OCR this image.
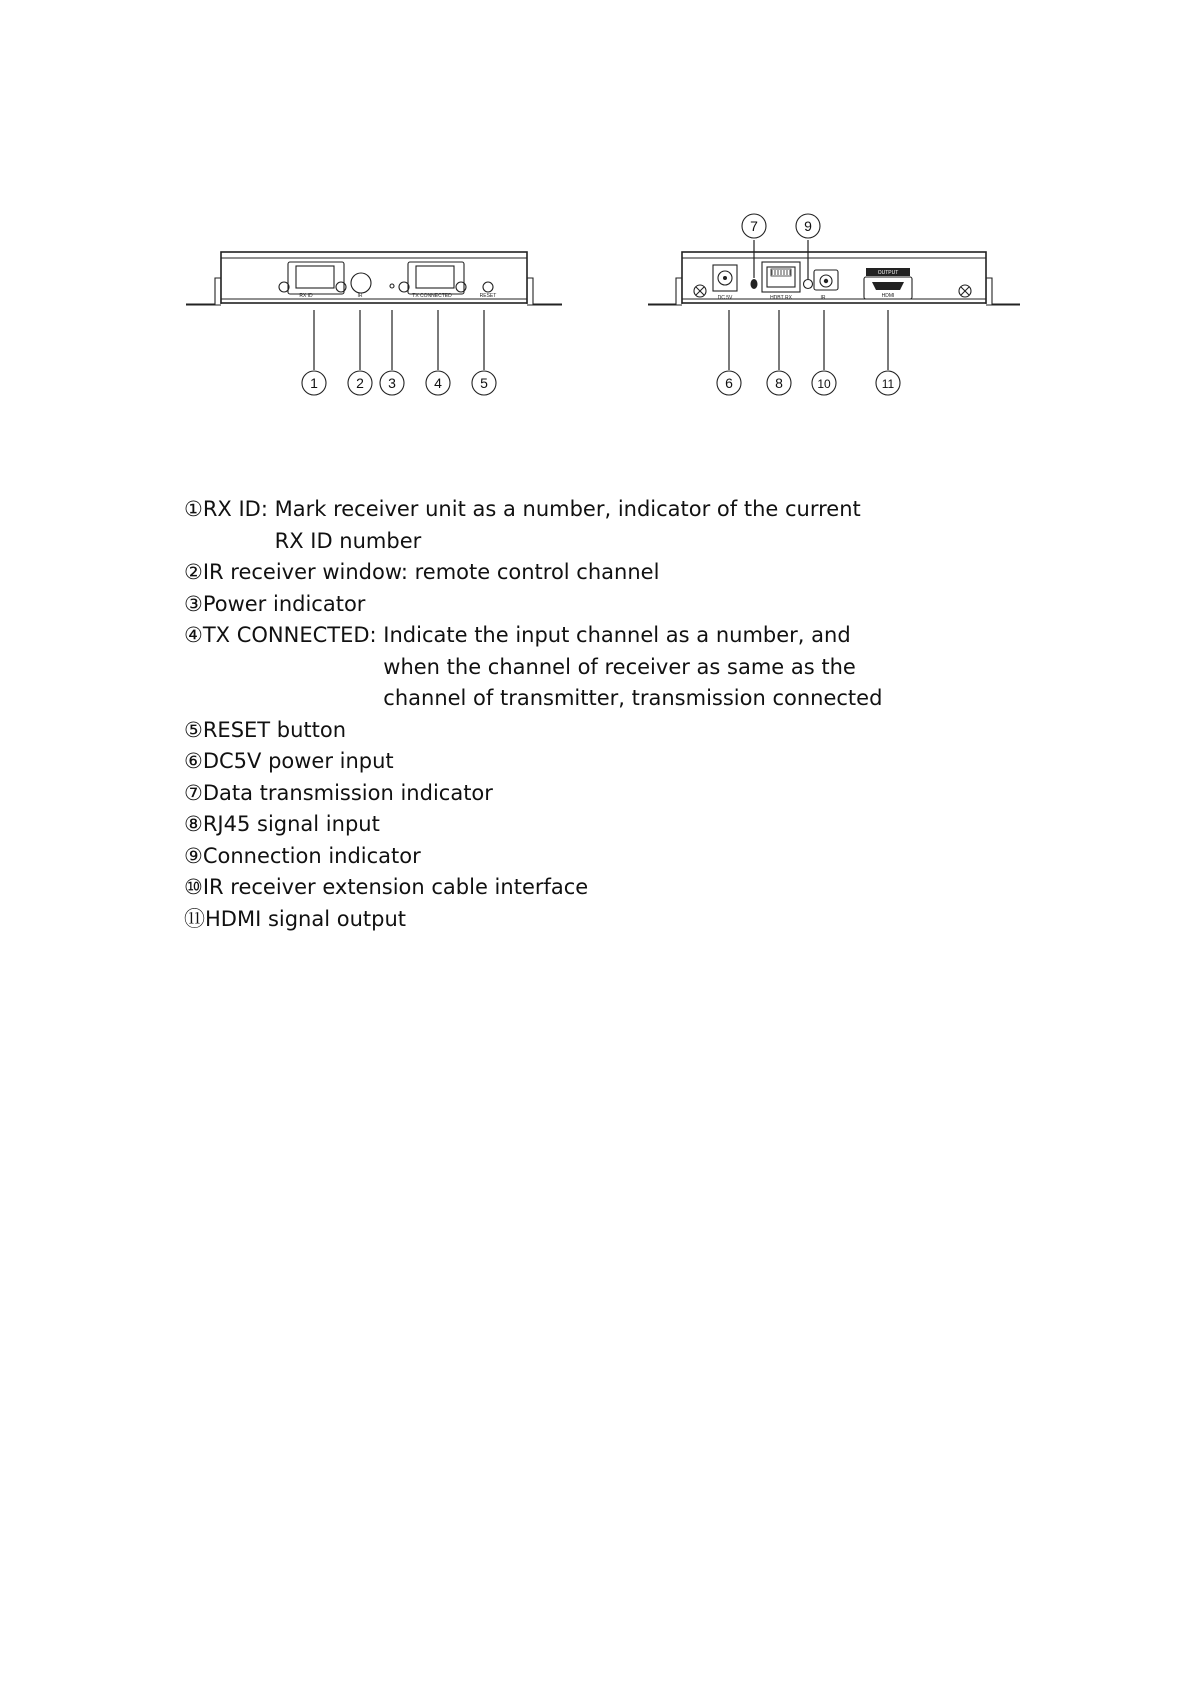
RX ID	IR	TX CONNECTED	RESET
1	2 3	4	5
DC 5V	HDBT RX	IR
OUTPUT
HDMI
7	9
6	8	10	11
①RX ID: Mark receiver unit as a number, indicator of the current
RX ID number
② IR receiver window: remote control channel
③ Power indicator
④TX CONNECTED: Indicate the input channel as a number, and
when the channel of receiver as same as the
channel of transmitter, transmission connected
⑤ RESET button
⑥ DC5V power input
⑦ Data transmission indicator
⑧ RJ45 signal input
⑨ Connection indicator
⑩ IR receiver extension cable interface
⑪ HDMI signal output
